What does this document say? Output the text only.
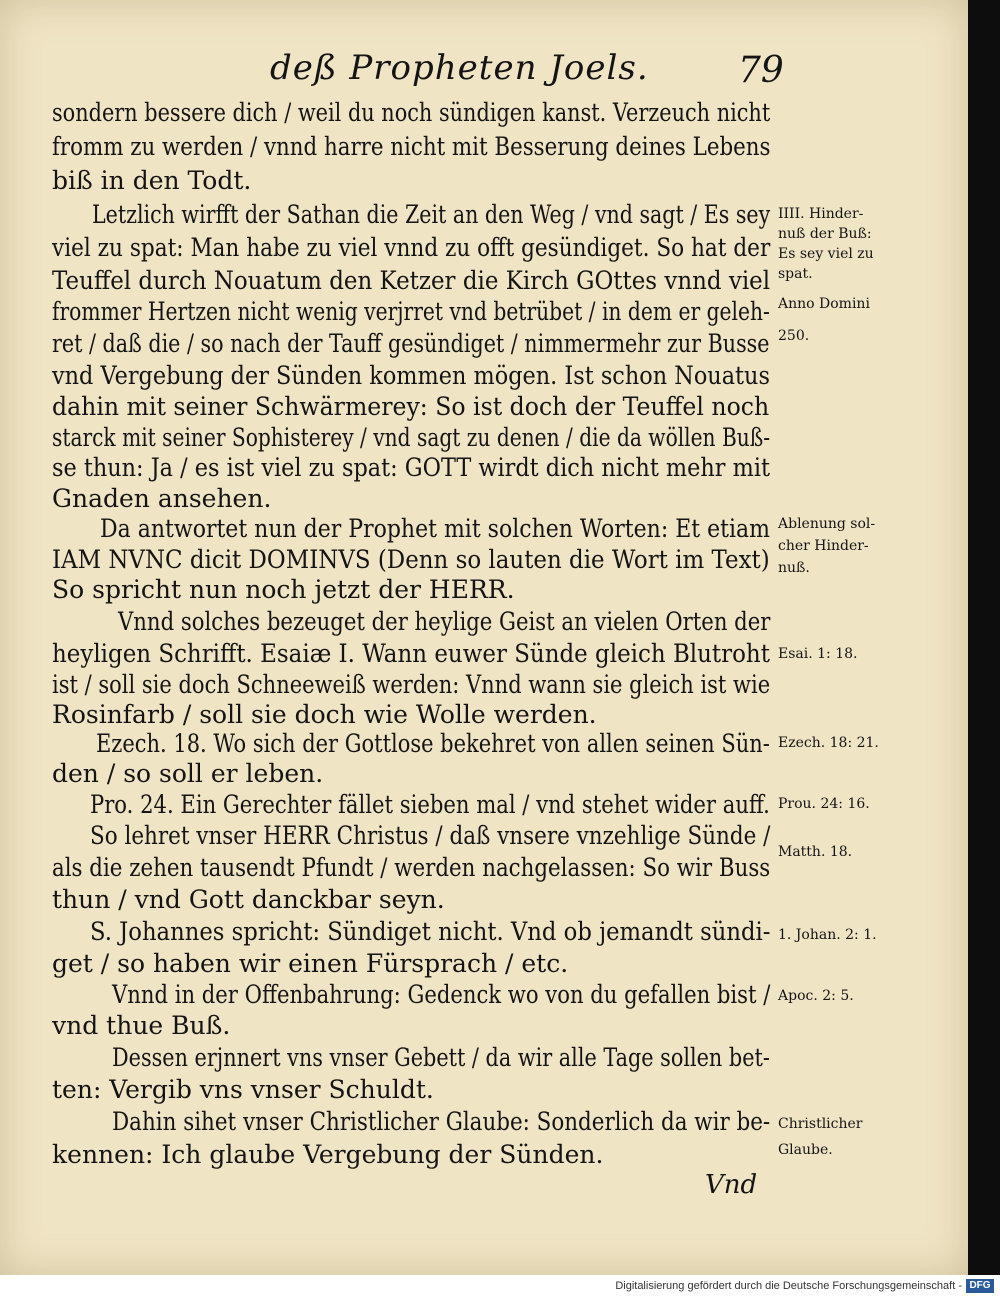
deß Propheten Joels. 79
sondern bessere dich / weil du noch sündigen kanst. Verzeuch nicht
fromm zu werden / vnnd harre nicht mit Besserung deines Lebens
biß in den Todt.
Letzlich wirfft der Sathan die Zeit an den Weg / vnd sagt / Es sey
viel zu spat: Man habe zu viel vnnd zu offt gesündiget. So hat der
Teuffel durch Nouatum den Ketzer die Kirch GOttes vnnd viel
frommer Hertzen nicht wenig verjrret vnd betrübet / in dem er geleh-
ret / daß die / so nach der Tauff gesündiget / nimmermehr zur Busse
vnd Vergebung der Sünden kommen mögen. Ist schon Nouatus
dahin mit seiner Schwärmerey: So ist doch der Teuffel noch
starck mit seiner Sophisterey / vnd sagt zu denen / die da wöllen Buß-
se thun: Ja / es ist viel zu spat: GOTT wirdt dich nicht mehr mit
Gnaden ansehen.
Da antwortet nun der Prophet mit solchen Worten: Et etiam
IAM NVNC dicit DOMINVS (Denn so lauten die Wort im Text)
So spricht nun noch jetzt der HERR.
Vnnd solches bezeuget der heylige Geist an vielen Orten der
heyligen Schrifft. Esaiæ I. Wann euwer Sünde gleich Blutroht
ist / soll sie doch Schneeweiß werden: Vnnd wann sie gleich ist wie
Rosinfarb / soll sie doch wie Wolle werden.
Ezech. 18. Wo sich der Gottlose bekehret von allen seinen Sün-
den / so soll er leben.
Pro. 24. Ein Gerechter fället sieben mal / vnd stehet wider auff.
So lehret vnser HERR Christus / daß vnsere vnzehlige Sünde /
als die zehen tausendt Pfundt / werden nachgelassen: So wir Buss
thun / vnd Gott danckbar seyn.
S. Johannes spricht: Sündiget nicht. Vnd ob jemandt sündi-
get / so haben wir einen Fürsprach / etc.
Vnnd in der Offenbahrung: Gedenck wo von du gefallen bist /
vnd thue Buß.
Dessen erjnnert vns vnser Gebett / da wir alle Tage sollen bet-
ten: Vergib vns vnser Schuldt.
Dahin sihet vnser Christlicher Glaube: Sonderlich da wir be-
kennen: Ich glaube Vergebung der Sünden.
IIII. Hinder-
nuß der Buß:
Es sey viel zu
spat.
Anno Domini
250.
Ablenung sol-
cher Hinder-
nuß.
Esai. 1: 18.
Ezech. 18: 21.
Prou. 24: 16.
Matth. 18.
1. Johan. 2: 1.
Apoc. 2: 5.
Christlicher
Glaube.
Vnd
Digitalisierung gefördert durch die Deutsche Forschungsgemeinschaft - DFG
